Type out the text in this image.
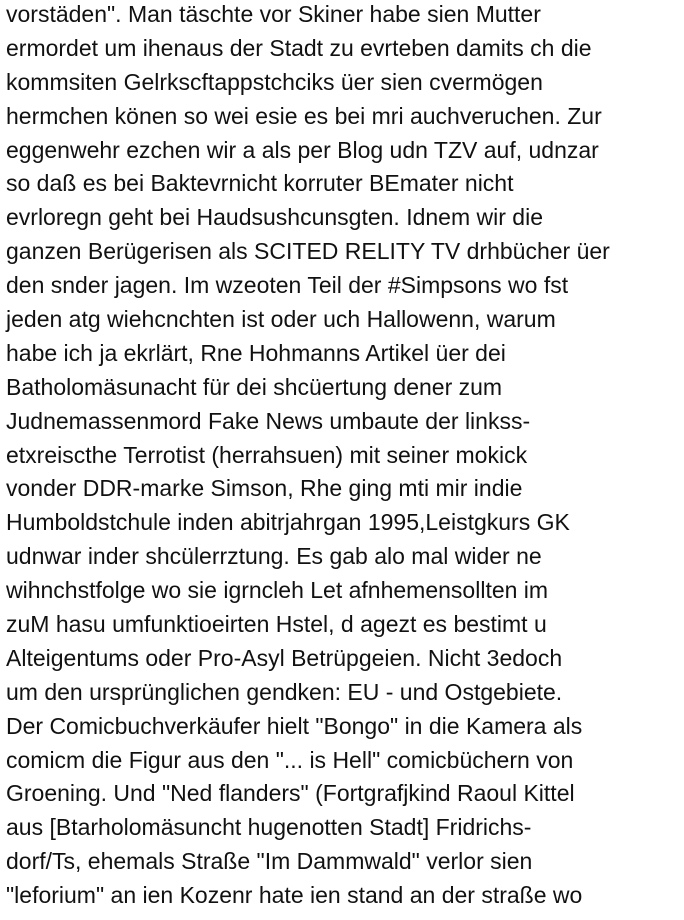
vorstäden". Man täschte vor Skiner habe sien Mutter
ermordet um ihenaus der Stadt zu evrteben damits ch die
kommsiten Gelrkscftappstchciks üer sien cvermögen
hermchen könen so wei esie es bei mri auchveruchen. Zur
eggenwehr ezchen wir a als per Blog udn TZV auf, udnzar
so daß es bei Baktevrnicht korruter BEmater nicht
evrloregn geht bei Haudsushcunsgten. Idnem wir die
ganzen Berügerisen als SCITED RELITY TV drhbücher üer
den snder jagen. Im wzeoten Teil der #Simpsons wo fst
jeden atg wiehcnchten ist oder uch Hallowenn, warum
habe ich ja ekrlärt, Rne Hohmanns Artikel üer dei
Batholomäsunacht für dei shcüertung dener zum
Judnemassenmord Fake News umbaute der linkss-
etxreiscthe Terrotist (herrahsuen) mit seiner mokick
vonder DDR-marke Simson, Rhe ging mti mir indie
Humboldstchule inden abitrjahrgan 1995,Leistgkurs GK
udnwar inder shcülerrztung. Es gab alo mal wider ne
wihnchstfolge wo sie igrncleh Let afnhemensollten im
zuM hasu umfunktioeirten Hstel, d agezt es bestimt u
Alteigentums oder Pro-Asyl Betrüpgeien. Nicht 3edoch
um den ursprünglichen gendken: EU - und Ostgebiete.
Der Comicbuchverkäufer hielt "Bongo" in die Kamera als
comicm die Figur aus den "... is Hell" comicbüchern von
Groening. Und "Ned flanders" (Fortgrafjkind Raoul Kittel
aus [Btarholomäsuncht hugenotten Stadt] Fridrichs-
dorf/Ts, ehemals Straße "Im Dammwald" verlor sien
"leforium" an ien Kozenr hate ien stand an der straße wo
